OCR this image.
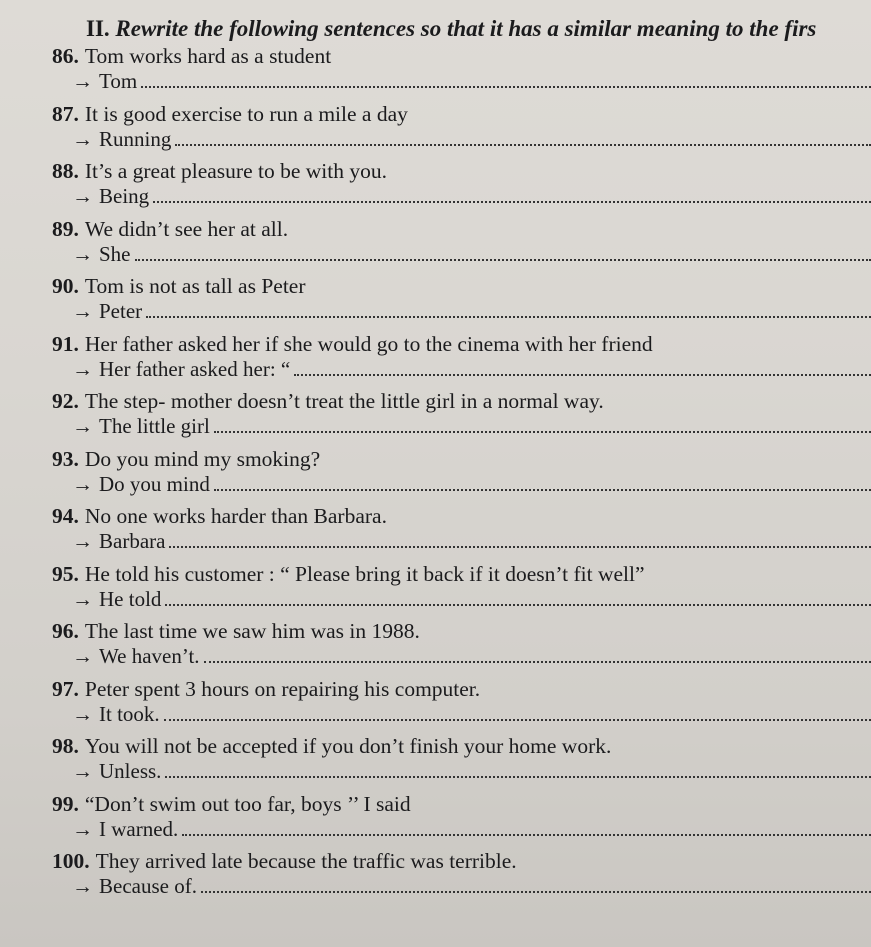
II. Rewrite the following sentences so that it has a similar meaning to the firs
86. Tom works hard as a student
→ Tom
87. It is good exercise to run a mile a day
→ Running
88. It’s a great pleasure to be with you.
→ Being
89. We didn’t see her at all.
→ She
90. Tom is not as tall as Peter
→ Peter
91. Her father asked her if she would go to the cinema with her friend
→ Her father asked her: “
92. The step- mother doesn’t treat the little girl in a normal way.
→ The little girl
93. Do you mind my smoking?
→ Do you mind
94. No one works harder than Barbara.
→ Barbara
95. He told his customer : “ Please bring it back if it doesn’t fit well”
→ He told
96. The last time we saw him was in 1988.
→ We haven’t.
97. Peter spent 3 hours on repairing his computer.
→ It took.
98. You will not be accepted if you don’t finish your home work.
→ Unless.
99. “Don’t swim out too far, boys ’’ I said
→ I warned.
100. They arrived late because the traffic was terrible.
→ Because of.
